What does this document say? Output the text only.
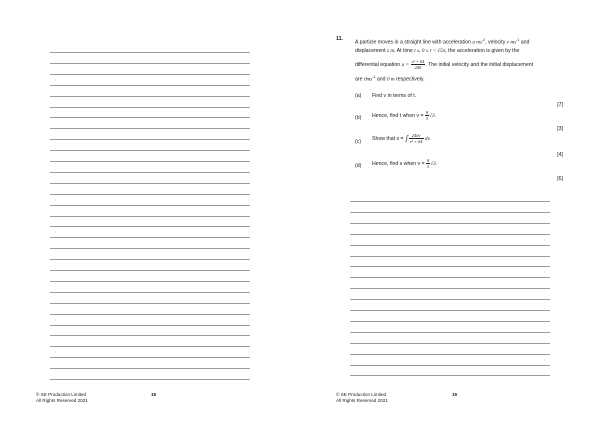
© SE Production Limited
All Rights Reserved 2021
18
11.
A particle moves in a straight line with acceleration a $ms^{-2}$, velocity v $ms^{-1}$ and
displacement s m. At time t s, 0 ≤ t < 15π, the acceleration is given by the
differential equation $a = \frac{\text{v² + 64}}{240}$ . The initial velocity and the initial displacement
are $0ms^{-1}$ and 0 m respectively.
(a) Find v in terms of t.
[7]
(b) Hence, find t when $v = \frac{8}{3} √3$.
[3]
(c)
Show that s = ∫ $\frac{240v}{\text{v² + 64}}$ dv.
[4]
(d) Hence, find s when $v = \frac{8}{3} √3$.
[6]
© SE Production Limited
All Rights Reserved 2021
19
